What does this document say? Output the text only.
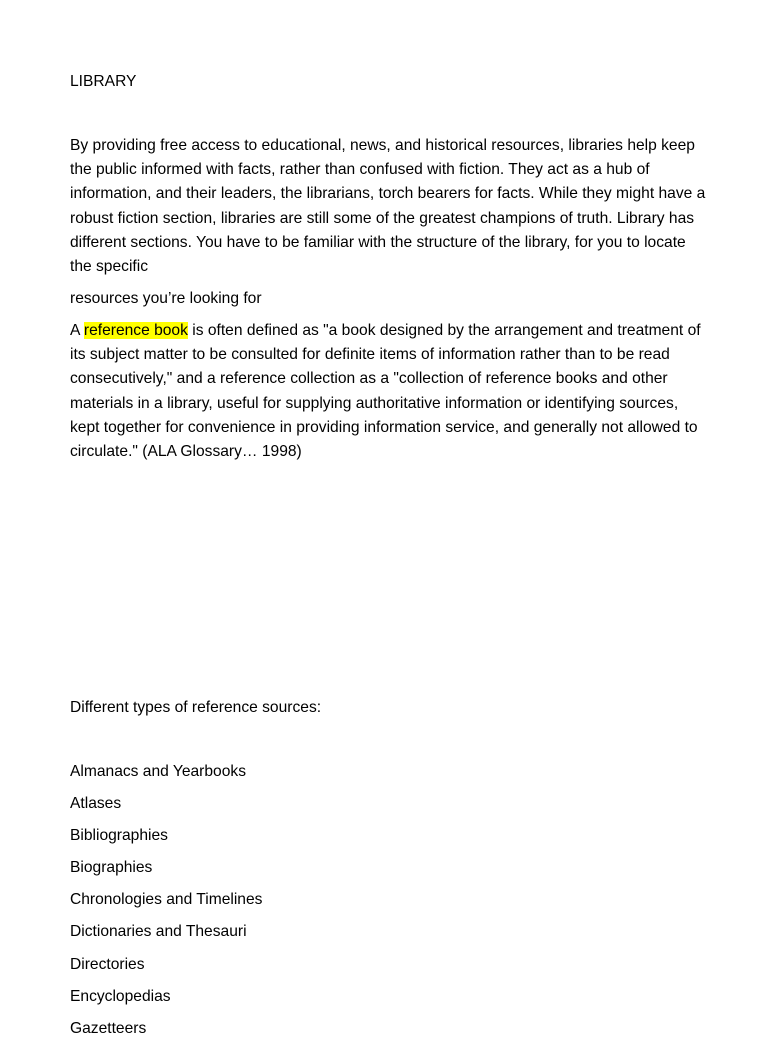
LIBRARY

By providing free access to educational, news, and historical resources, libraries help keep the public informed with facts, rather than confused with fiction. They act as a hub of information, and their leaders, the librarians, torch bearers for facts. While they might have a robust fiction section, libraries are still some of the greatest champions of truth. Library has different sections. You have to be familiar with the structure of the library, for you to locate the specific

resources you’re looking for

A reference book is often defined as "a book designed by the arrangement and treatment of its subject matter to be consulted for definite items of information rather than to be read consecutively," and a reference collection as a "collection of reference books and other materials in a library, useful for supplying authoritative information or identifying sources, kept together for convenience in providing information service, and generally not allowed to circulate." (ALA Glossary… 1998)

Different types of reference sources:

Almanacs and Yearbooks
Atlases
Bibliographies
Biographies
Chronologies and Timelines
Dictionaries and Thesauri
Directories
Encyclopedias
Gazetteers
